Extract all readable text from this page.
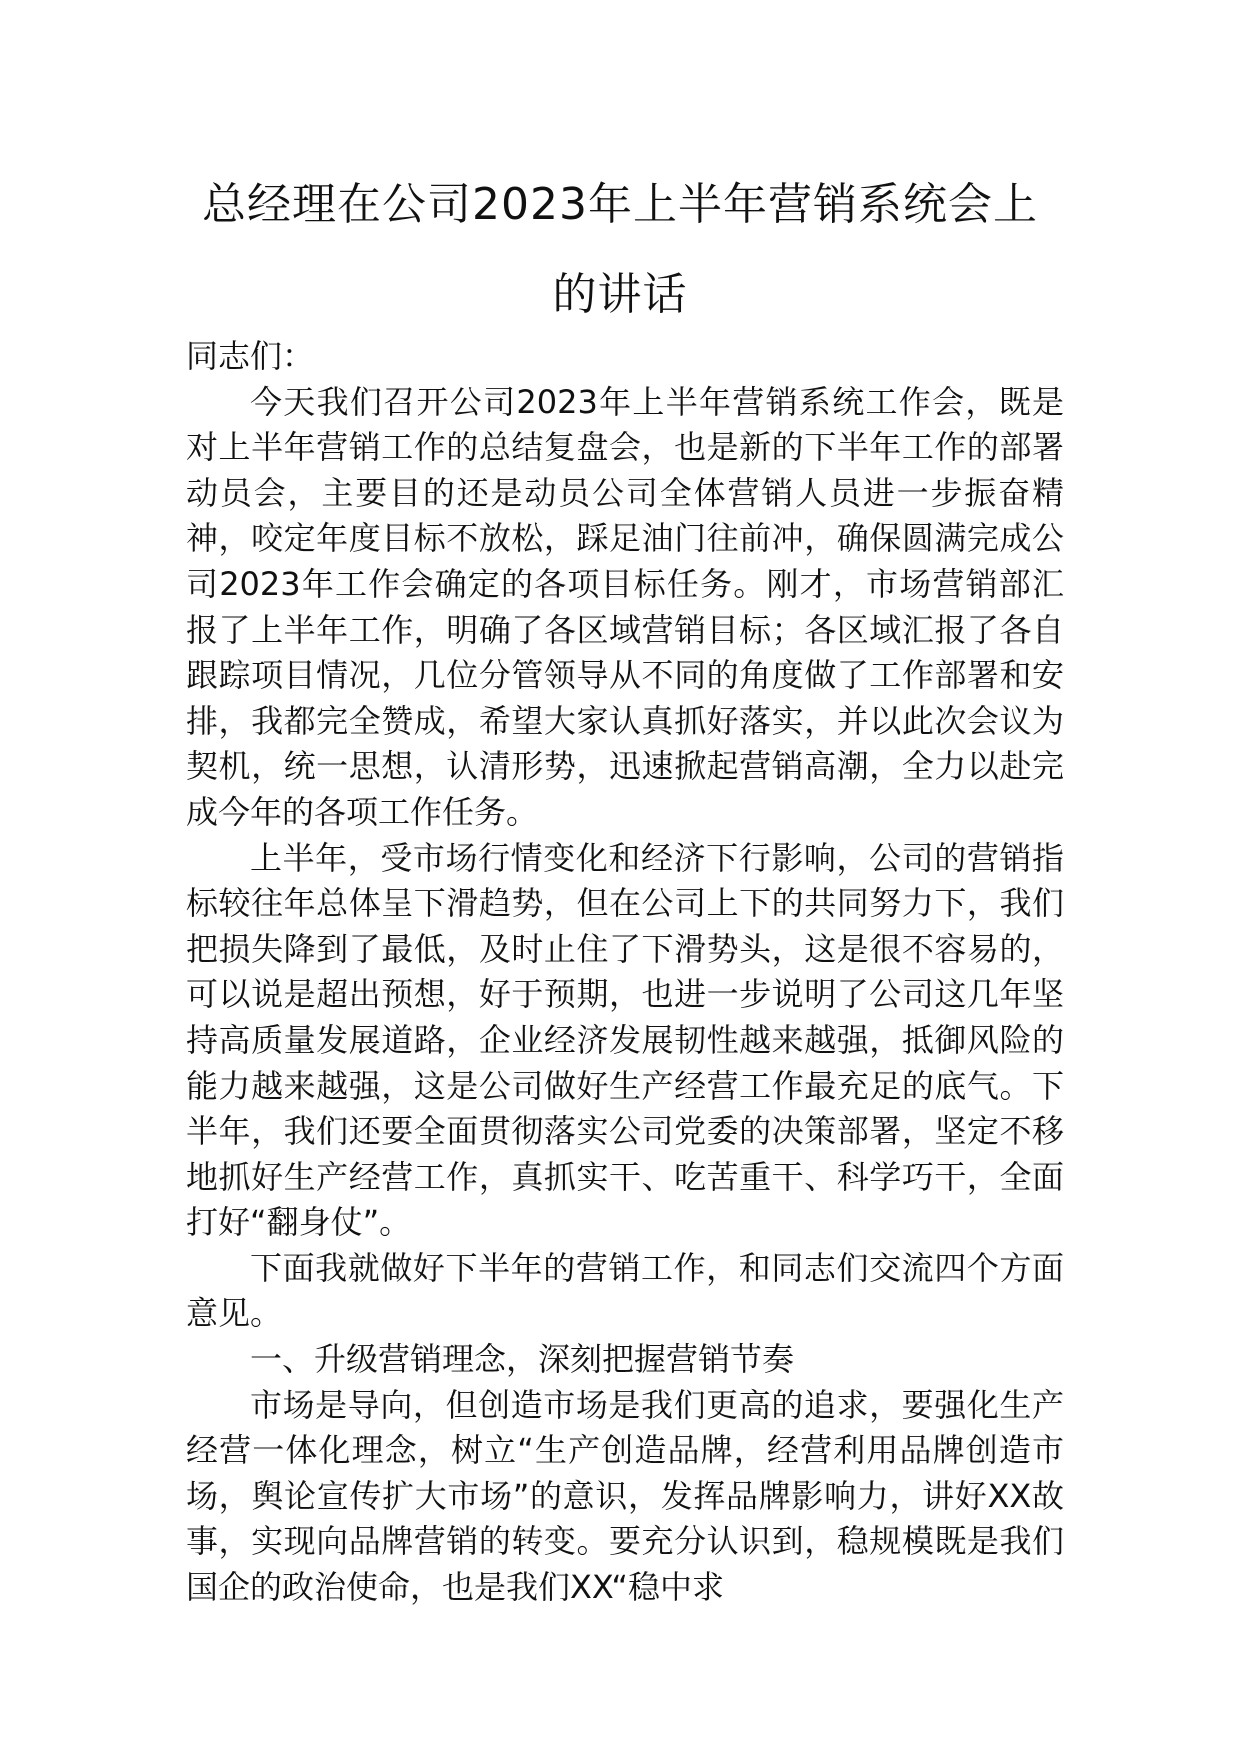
总经理在公司2023年上半年营销系统会上
的讲话

同志们：

今天我们召开公司2023年上半年营销系统工作会，既是对上半年营销工作的总结复盘会，也是新的下半年工作的部署动员会，主要目的还是动员公司全体营销人员进一步振奋精神，咬定年度目标不放松，踩足油门往前冲，确保圆满完成公司2023年工作会确定的各项目标任务。刚才，市场营销部汇报了上半年工作，明确了各区域营销目标；各区域汇报了各自跟踪项目情况，几位分管领导从不同的角度做了工作部署和安排，我都完全赞成，希望大家认真抓好落实，并以此次会议为契机，统一思想，认清形势，迅速掀起营销高潮，全力以赴完成今年的各项工作任务。

上半年，受市场行情变化和经济下行影响，公司的营销指标较往年总体呈下滑趋势，但在公司上下的共同努力下，我们把损失降到了最低，及时止住了下滑势头，这是很不容易的，可以说是超出预想，好于预期，也进一步说明了公司这几年坚持高质量发展道路，企业经济发展韧性越来越强，抵御风险的能力越来越强，这是公司做好生产经营工作最充足的底气。下半年，我们还要全面贯彻落实公司党委的决策部署，坚定不移地抓好生产经营工作，真抓实干、吃苦重干、科学巧干，全面打好“翻身仗”。

下面我就做好下半年的营销工作，和同志们交流四个方面意见。

一、升级营销理念，深刻把握营销节奏

市场是导向，但创造市场是我们更高的追求，要强化生产经营一体化理念，树立“生产创造品牌，经营利用品牌创造市场，舆论宣传扩大市场”的意识，发挥品牌影响力，讲好XX故事，实现向品牌营销的转变。要充分认识到，稳规模既是我们国企的政治使命，也是我们XX“稳中求
